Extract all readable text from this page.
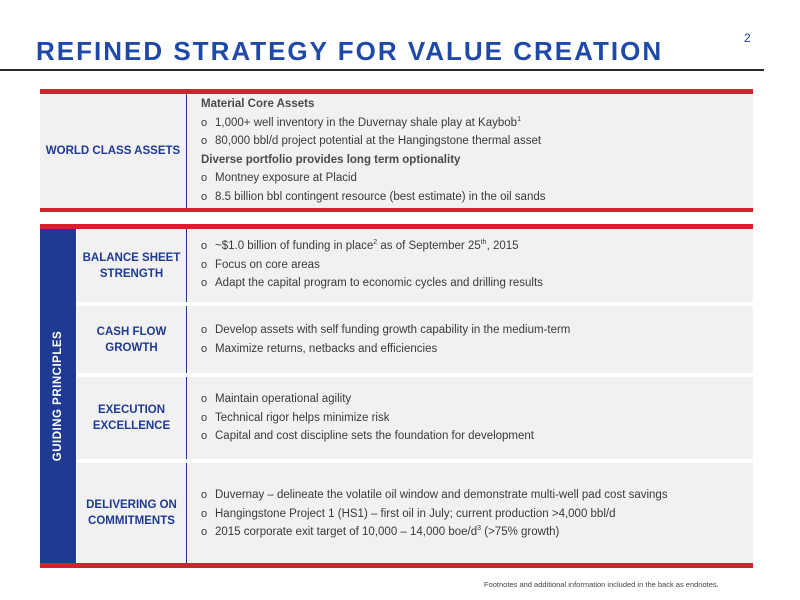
2
REFINED STRATEGY FOR VALUE CREATION
WORLD CLASS ASSETS
Material Core Assets
o 1,000+ well inventory in the Duvernay shale play at Kaybob$^1$
o 80,000 bbl/d project potential at the Hangingstone thermal asset
Diverse portfolio provides long term optionality
o Montney exposure at Placid
o 8.5 billion bbl contingent resource (best estimate) in the oil sands
GUIDING PRINCIPLES
BALANCE SHEET
STRENGTH
o ~$1.0 billion of funding in place$^2$ as of September 25th, 2015
o Focus on core areas
o Adapt the capital program to economic cycles and drilling results
CASH FLOW
GROWTH
o Develop assets with self funding growth capability in the medium-term
o Maximize returns, netbacks and efficiencies
EXECUTION
EXCELLENCE
o Maintain operational agility
o Technical rigor helps minimize risk
o Capital and cost discipline sets the foundation for development
DELIVERING ON
COMMITMENTS
o Duvernay – delineate the volatile oil window and demonstrate multi-well pad cost savings
o Hangingstone Project 1 (HS1) – first oil in July; current production >4,000 bbl/d
o 2015 corporate exit target of 10,000 – 14,000 boe/$d^3$ (>75% growth)
Footnotes and additional information included in the back as endnotes.
